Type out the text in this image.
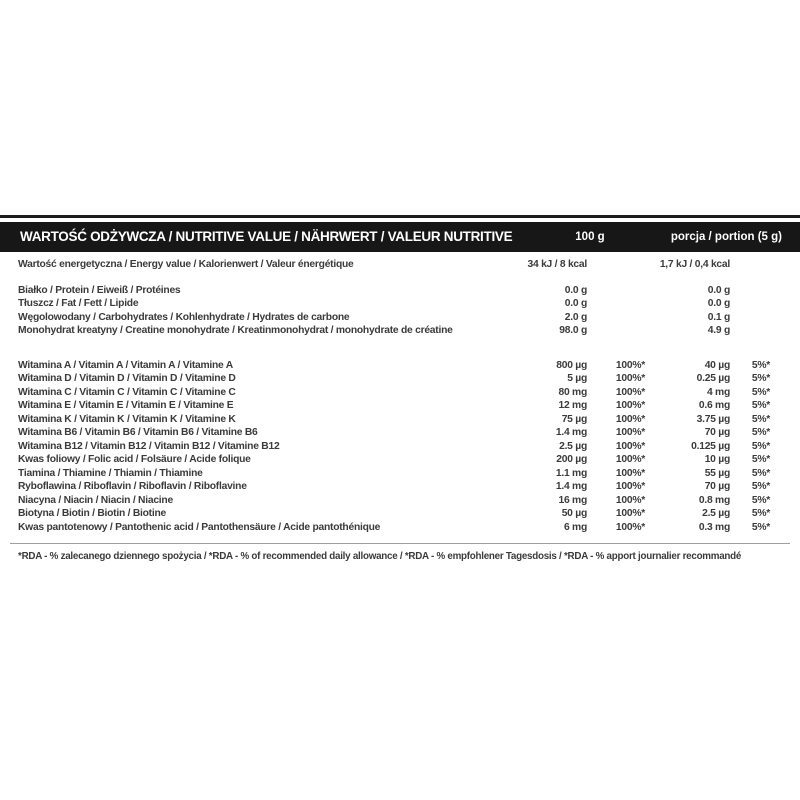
WARTOŚĆ ODŻYWCZA / NUTRITIVE VALUE / NÄHRWERT / VALEUR NUTRITIVE	100 g	porcja / portion (5 g)
Wartość energetyczna / Energy value / Kalorienwert / Valeur énergétique	34 kJ / 8 kcal	1,7 kJ / 0,4 kcal
Białko / Protein / Eiweiß / Protéines	0.0 g	0.0 g
Tłuszcz / Fat / Fett / Lipide	0.0 g	0.0 g
Węgolowodany / Carbohydrates / Kohlenhydrate / Hydrates de carbone	2.0 g	0.1 g
Monohydrat kreatyny / Creatine monohydrate / Kreatinmonohydrat / monohydrate de créatine	98.0 g	4.9 g
Witamina A / Vitamin A / Vitamin A / Vitamine A	800 µg	100%*	40 µg	5%*
Witamina D / Vitamin D / Vitamin D / Vitamine D	5 µg	100%*	0.25 µg	5%*
Witamina C / Vitamin C / Vitamin C / Vitamine C	80 mg	100%*	4 mg	5%*
Witamina E / Vitamin E / Vitamin E / Vitamine E	12 mg	100%*	0.6 mg	5%*
Witamina K / Vitamin K / Vitamin K / Vitamine K	75 µg	100%*	3.75 µg	5%*
Witamina B6 / Vitamin B6 / Vitamin B6 / Vitamine B6	1.4 mg	100%*	70 µg	5%*
Witamina B12 / Vitamin B12 / Vitamin B12 / Vitamine B12	2.5 µg	100%*	0.125 µg	5%*
Kwas foliowy / Folic acid / Folsäure / Acide folique	200 µg	100%*	10 µg	5%*
Tiamina / Thiamine / Thiamin / Thiamine	1.1 mg	100%*	55 µg	5%*
Ryboflawina / Riboflavin / Riboflavin / Riboflavine	1.4 mg	100%*	70 µg	5%*
Niacyna / Niacin / Niacin / Niacine	16 mg	100%*	0.8 mg	5%*
Biotyna / Biotin / Biotin / Biotine	50 µg	100%*	2.5 µg	5%*
Kwas pantotenowy / Pantothenic acid / Pantothensäure / Acide pantothénique	6 mg	100%*	0.3 mg	5%*
*RDA - % zalecanego dziennego spożycia / *RDA - % of recommended daily allowance / *RDA - % empfohlener Tagesdosis / *RDA - % apport journalier recommandé
